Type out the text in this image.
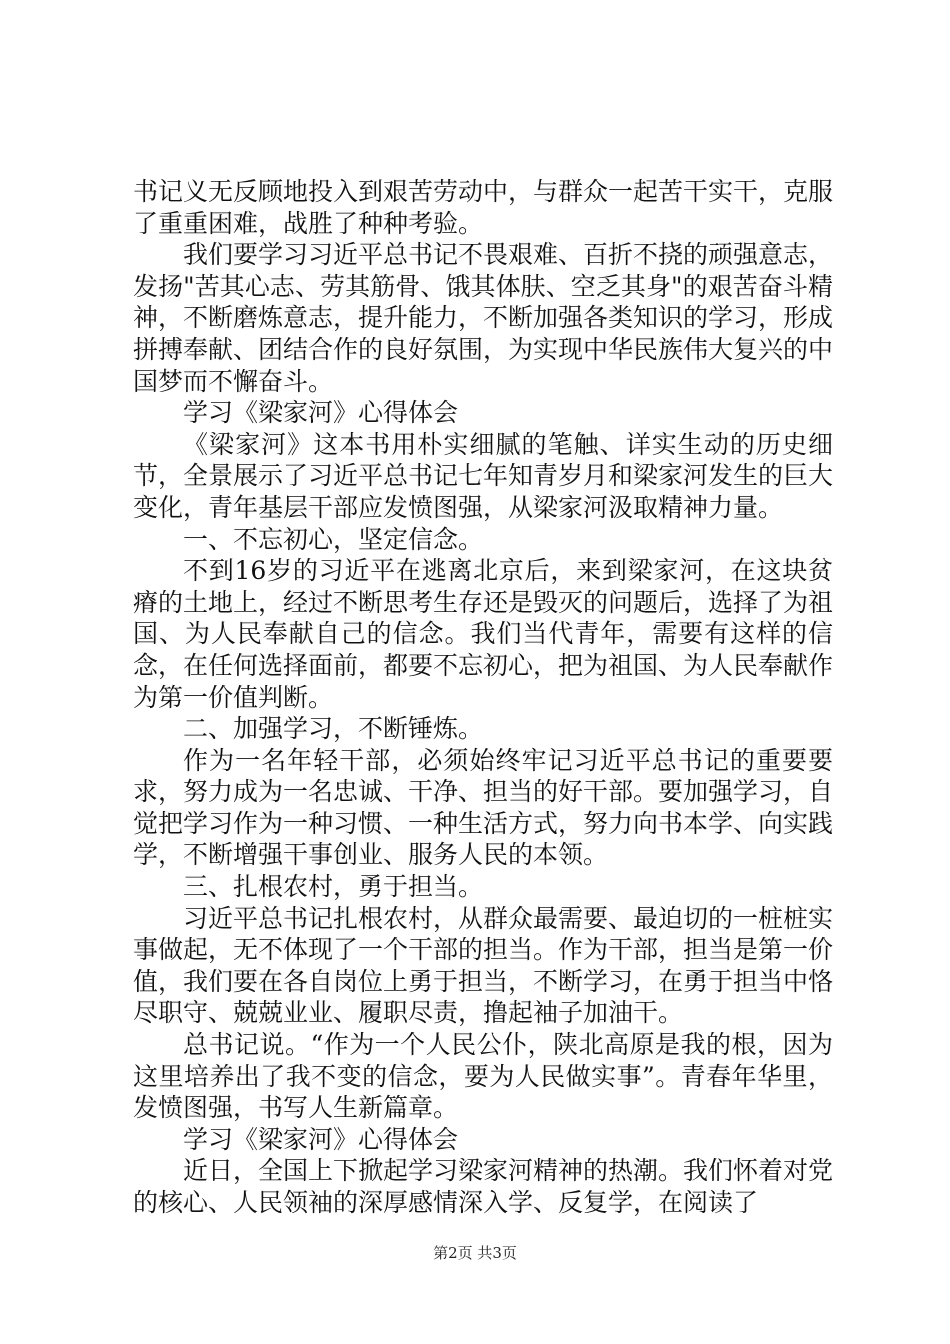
书记义无反顾地投入到艰苦劳动中，与群众一起苦干实干，克服了重重困难，战胜了种种考验。

我们要学习习近平总书记不畏艰难、百折不挠的顽强意志，发扬"苦其心志、劳其筋骨、饿其体肤、空乏其身"的艰苦奋斗精神，不断磨炼意志，提升能力，不断加强各类知识的学习，形成拼搏奉献、团结合作的良好氛围，为实现中华民族伟大复兴的中国梦而不懈奋斗。

学习《梁家河》心得体会

《梁家河》这本书用朴实细腻的笔触、详实生动的历史细节，全景展示了习近平总书记七年知青岁月和梁家河发生的巨大变化，青年基层干部应发愤图强，从梁家河汲取精神力量。

一、不忘初心，坚定信念。

不到16岁的习近平在逃离北京后，来到梁家河，在这块贫瘠的土地上，经过不断思考生存还是毁灭的问题后，选择了为祖国、为人民奉献自己的信念。我们当代青年，需要有这样的信念，在任何选择面前，都要不忘初心，把为祖国、为人民奉献作为第一价值判断。

二、加强学习，不断锤炼。

作为一名年轻干部，必须始终牢记习近平总书记的重要要求，努力成为一名忠诚、干净、担当的好干部。要加强学习，自觉把学习作为一种习惯、一种生活方式，努力向书本学、向实践学，不断增强干事创业、服务人民的本领。

三、扎根农村，勇于担当。

习近平总书记扎根农村，从群众最需要、最迫切的一桩桩实事做起，无不体现了一个干部的担当。作为干部，担当是第一价值，我们要在各自岗位上勇于担当，不断学习，在勇于担当中恪尽职守、兢兢业业、履职尽责，撸起袖子加油干。

总书记说。“作为一个人民公仆，陕北高原是我的根，因为这里培养出了我不变的信念，要为人民做实事”。青春年华里，发愤图强，书写人生新篇章。

学习《梁家河》心得体会

近日，全国上下掀起学习梁家河精神的热潮。我们怀着对党的核心、人民领袖的深厚感情深入学、反复学，在阅读了

第2页 共3页
